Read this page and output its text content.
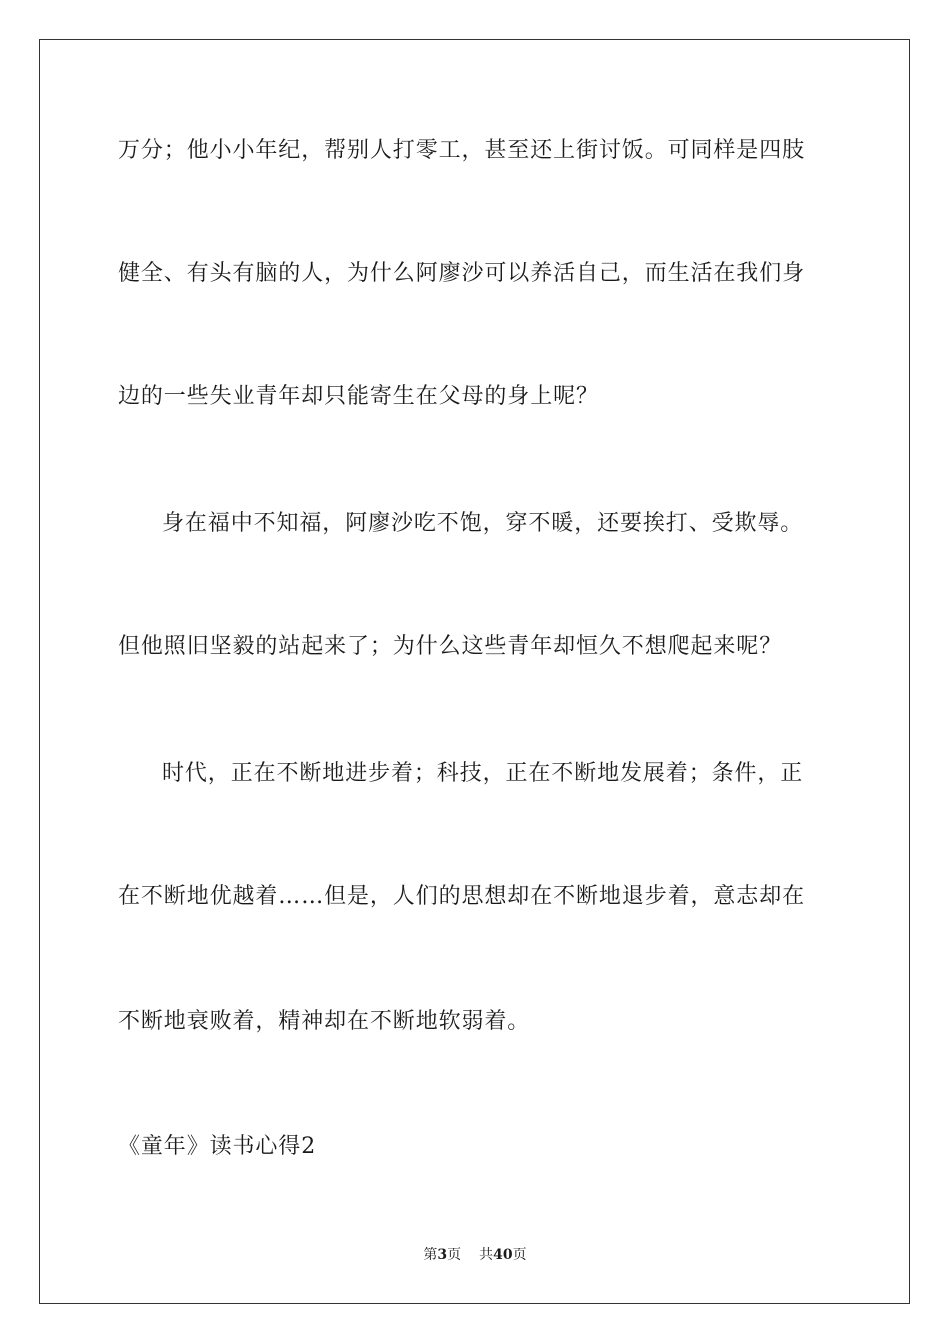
万分；他小小年纪，帮别人打零工，甚至还上街讨饭。可同样是四肢
健全、有头有脑的人，为什么阿廖沙可以养活自己，而生活在我们身
边的一些失业青年却只能寄生在父母的身上呢？
身在福中不知福，阿廖沙吃不饱，穿不暖，还要挨打、受欺辱。
但他照旧坚毅的站起来了；为什么这些青年却恒久不想爬起来呢？
时代，正在不断地进步着；科技，正在不断地发展着；条件，正
在不断地优越着……但是，人们的思想却在不断地退步着，意志却在
不断地衰败着，精神却在不断地软弱着。
《童年》读书心得2
第3页 共40页
